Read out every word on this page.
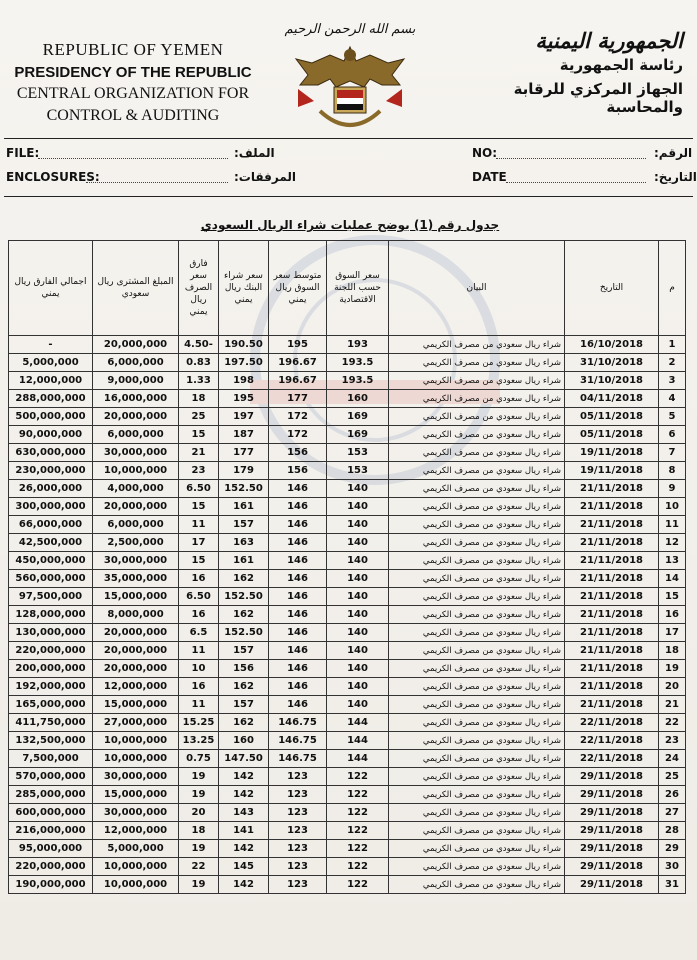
REPUBLIC OF YEMEN
PRESIDENCY OF THE REPUBLIC
CENTRAL ORGANIZATION FOR
CONTROL & AUDITING
بسم الله الرحمن الرحيم	الجمهورية اليمنية
رئاسة الجمهورية
الجهاز المركزي للرقابة والمحاسبة
FILE:	الملف:	NO:	الرقم:
ENCLOSURES:	المرفقات:	DATE	التاريخ:
جدول رقم (1) يوضح عمليات شراء الريال السعودي
اجمالي الفارق ريال يمني	المبلغ المشترى ريال سعودي	فارق سعر الصرف ريال يمني	سعر شراء البنك ريال يمني	متوسط سعر السوق ريال يمني	سعر السوق حسب اللجنة الاقتصادية	البيان	التاريخ	م
-	20,000,000	4.50-	190.50	195	193	شراء ريال سعودي من مصرف الكريمي	16/10/2018	1
5,000,000	6,000,000	0.83	197.50	196.67	193.5	شراء ريال سعودي من مصرف الكريمي	31/10/2018	2
12,000,000	9,000,000	1.33	198	196.67	193.5	شراء ريال سعودي من مصرف الكريمي	31/10/2018	3
288,000,000	16,000,000	18	195	177	160	شراء ريال سعودي من مصرف الكريمي	04/11/2018	4
500,000,000	20,000,000	25	197	172	169	شراء ريال سعودي من مصرف الكريمي	05/11/2018	5
90,000,000	6,000,000	15	187	172	169	شراء ريال سعودي من مصرف الكريمي	05/11/2018	6
630,000,000	30,000,000	21	177	156	153	شراء ريال سعودي من مصرف الكريمي	19/11/2018	7
230,000,000	10,000,000	23	179	156	153	شراء ريال سعودي من مصرف الكريمي	19/11/2018	8
26,000,000	4,000,000	6.50	152.50	146	140	شراء ريال سعودي من مصرف الكريمي	21/11/2018	9
300,000,000	20,000,000	15	161	146	140	شراء ريال سعودي من مصرف الكريمي	21/11/2018	10
66,000,000	6,000,000	11	157	146	140	شراء ريال سعودي من مصرف الكريمي	21/11/2018	11
42,500,000	2,500,000	17	163	146	140	شراء ريال سعودي من مصرف الكريمي	21/11/2018	12
450,000,000	30,000,000	15	161	146	140	شراء ريال سعودي من مصرف الكريمي	21/11/2018	13
560,000,000	35,000,000	16	162	146	140	شراء ريال سعودي من مصرف الكريمي	21/11/2018	14
97,500,000	15,000,000	6.50	152.50	146	140	شراء ريال سعودي من مصرف الكريمي	21/11/2018	15
128,000,000	8,000,000	16	162	146	140	شراء ريال سعودي من مصرف الكريمي	21/11/2018	16
130,000,000	20,000,000	6.5	152.50	146	140	شراء ريال سعودي من مصرف الكريمي	21/11/2018	17
220,000,000	20,000,000	11	157	146	140	شراء ريال سعودي من مصرف الكريمي	21/11/2018	18
200,000,000	20,000,000	10	156	146	140	شراء ريال سعودي من مصرف الكريمي	21/11/2018	19
192,000,000	12,000,000	16	162	146	140	شراء ريال سعودي من مصرف الكريمي	21/11/2018	20
165,000,000	15,000,000	11	157	146	140	شراء ريال سعودي من مصرف الكريمي	21/11/2018	21
411,750,000	27,000,000	15.25	162	146.75	144	شراء ريال سعودي من مصرف الكريمي	22/11/2018	22
132,500,000	10,000,000	13.25	160	146.75	144	شراء ريال سعودي من مصرف الكريمي	22/11/2018	23
7,500,000	10,000,000	0.75	147.50	146.75	144	شراء ريال سعودي من مصرف الكريمي	22/11/2018	24
570,000,000	30,000,000	19	142	123	122	شراء ريال سعودي من مصرف الكريمي	29/11/2018	25
285,000,000	15,000,000	19	142	123	122	شراء ريال سعودي من مصرف الكريمي	29/11/2018	26
600,000,000	30,000,000	20	143	123	122	شراء ريال سعودي من مصرف الكريمي	29/11/2018	27
216,000,000	12,000,000	18	141	123	122	شراء ريال سعودي من مصرف الكريمي	29/11/2018	28
95,000,000	5,000,000	19	142	123	122	شراء ريال سعودي من مصرف الكريمي	29/11/2018	29
220,000,000	10,000,000	22	145	123	122	شراء ريال سعودي من مصرف الكريمي	29/11/2018	30
190,000,000	10,000,000	19	142	123	122	شراء ريال سعودي من مصرف الكريمي	29/11/2018	31
